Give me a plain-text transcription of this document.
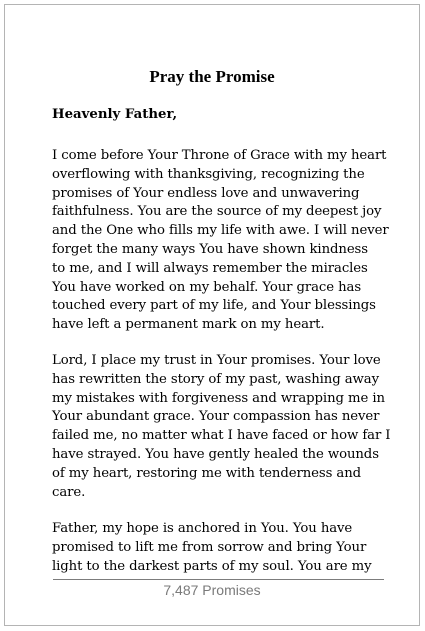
Pray the Promise

Heavenly Father,

I come before Your Throne of Grace with my heart
overflowing with thanksgiving, recognizing the
promises of Your endless love and unwavering
faithfulness. You are the source of my deepest joy
and the One who fills my life with awe. I will never
forget the many ways You have shown kindness
to me, and I will always remember the miracles
You have worked on my behalf. Your grace has
touched every part of my life, and Your blessings
have left a permanent mark on my heart.

Lord, I place my trust in Your promises. Your love
has rewritten the story of my past, washing away
my mistakes with forgiveness and wrapping me in
Your abundant grace. Your compassion has never
failed me, no matter what I have faced or how far I
have strayed. You have gently healed the wounds
of my heart, restoring me with tenderness and
care.

Father, my hope is anchored in You. You have
promised to lift me from sorrow and bring Your
light to the darkest parts of my soul. You are my

7,487 Promises
